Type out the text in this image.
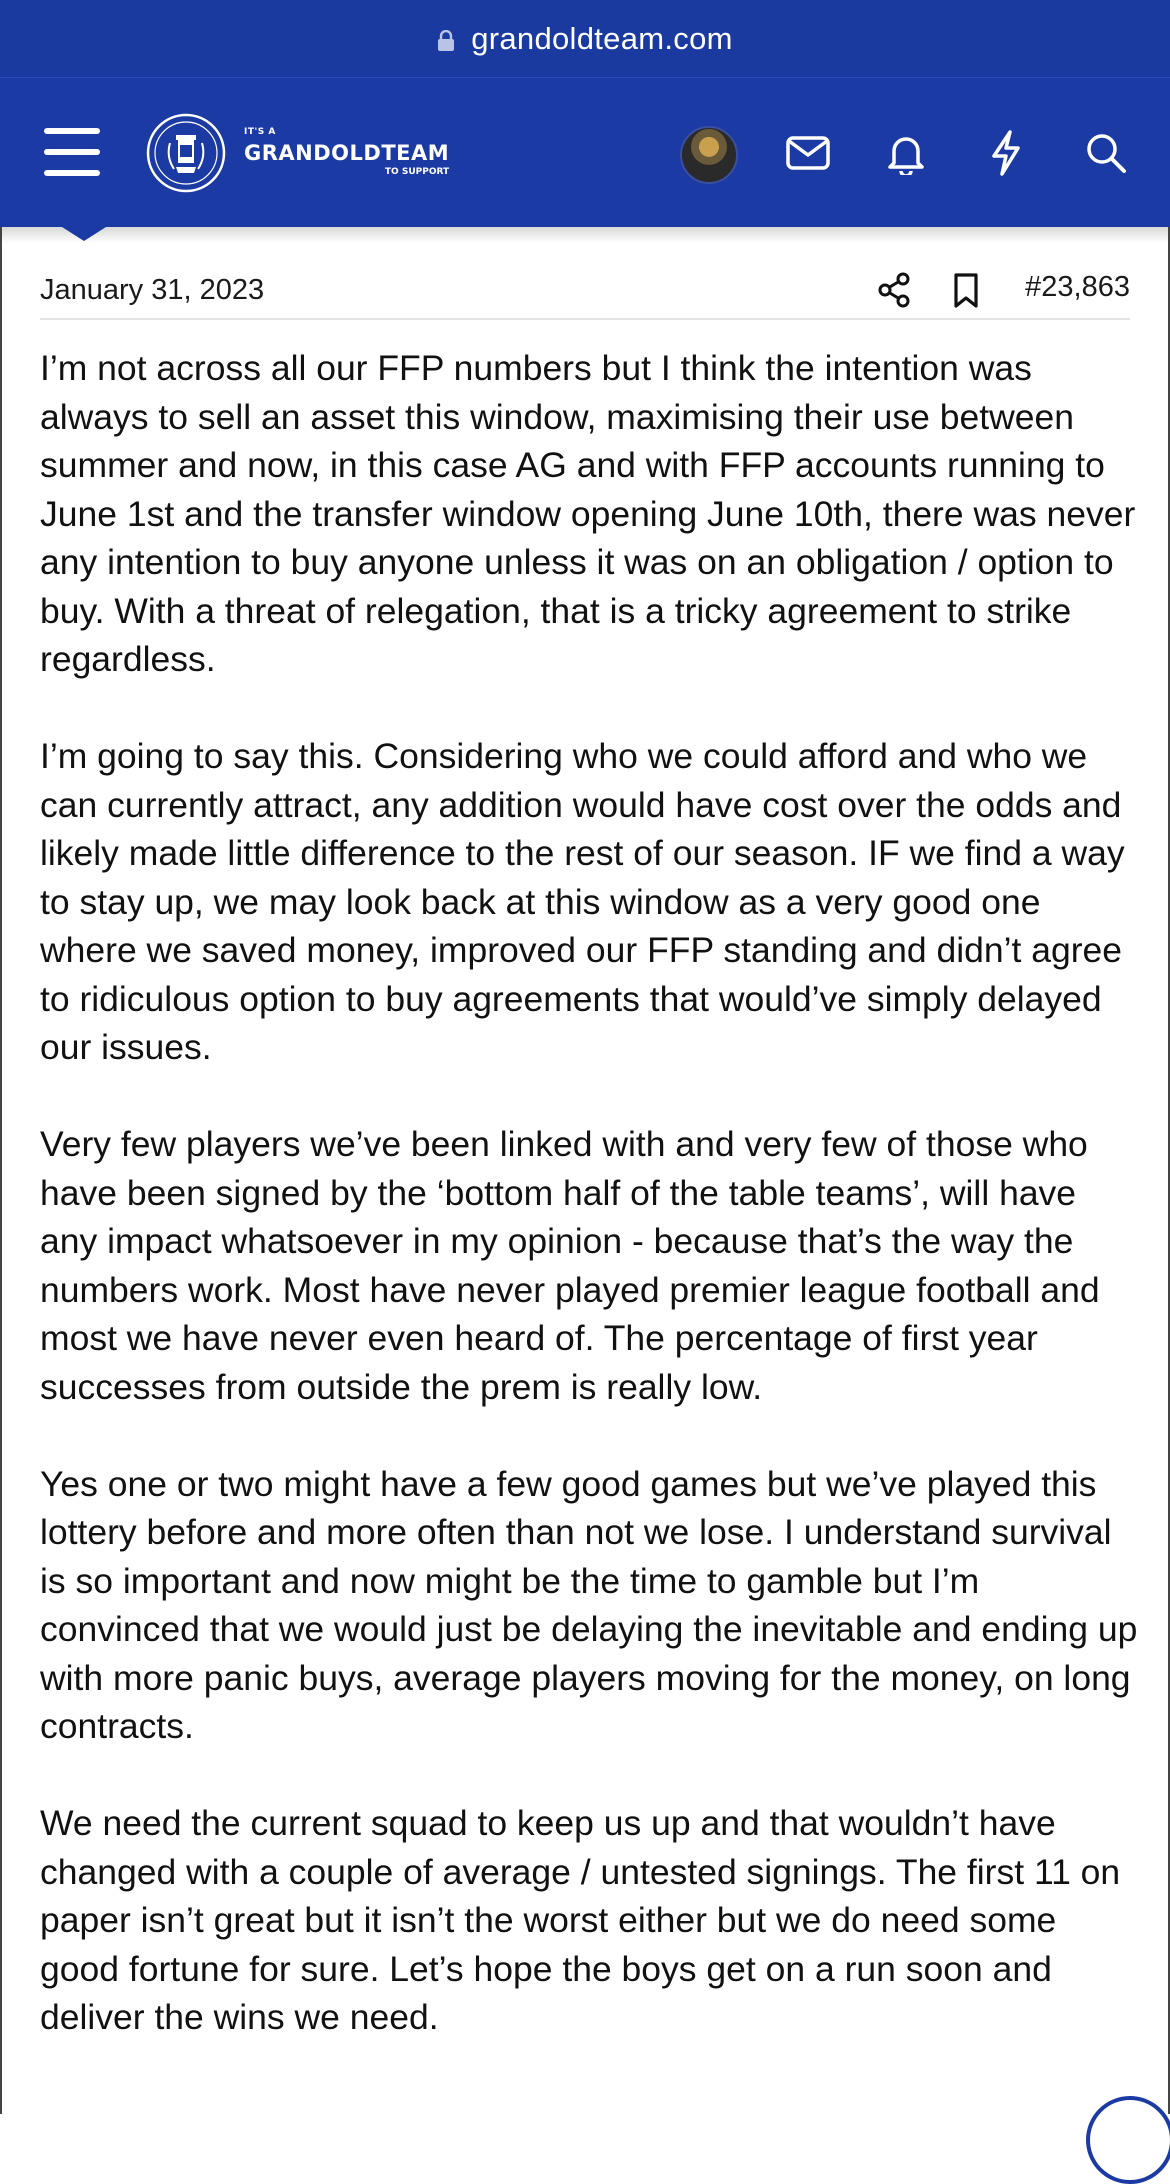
grandoldteam.com
IT'S A
GRANDOLDTEAM
TO SUPPORT
January 31, 2023	#23,863

I’m not across all our FFP numbers but I think the intention was always to sell an asset this window, maximising their use between summer and now, in this case AG and with FFP accounts running to June 1st and the transfer window opening June 10th, there was never any intention to buy anyone unless it was on an obligation / option to buy. With a threat of relegation, that is a tricky agreement to strike regardless.

I’m going to say this. Considering who we could afford and who we can currently attract, any addition would have cost over the odds and likely made little difference to the rest of our season. IF we find a way to stay up, we may look back at this window as a very good one where we saved money, improved our FFP standing and didn’t agree to ridiculous option to buy agreements that would’ve simply delayed our issues.

Very few players we’ve been linked with and very few of those who have been signed by the ‘bottom half of the table teams’, will have any impact whatsoever in my opinion - because that’s the way the numbers work. Most have never played premier league football and most we have never even heard of. The percentage of first year successes from outside the prem is really low.

Yes one or two might have a few good games but we’ve played this lottery before and more often than not we lose. I understand survival is so important and now might be the time to gamble but I’m convinced that we would just be delaying the inevitable and ending up with more panic buys, average players moving for the money, on long contracts.

We need the current squad to keep us up and that wouldn’t have changed with a couple of average / untested signings. The first 11 on paper isn’t great but it isn’t the worst either but we do need some good fortune for sure. Let’s hope the boys get on a run soon and deliver the wins we need.
